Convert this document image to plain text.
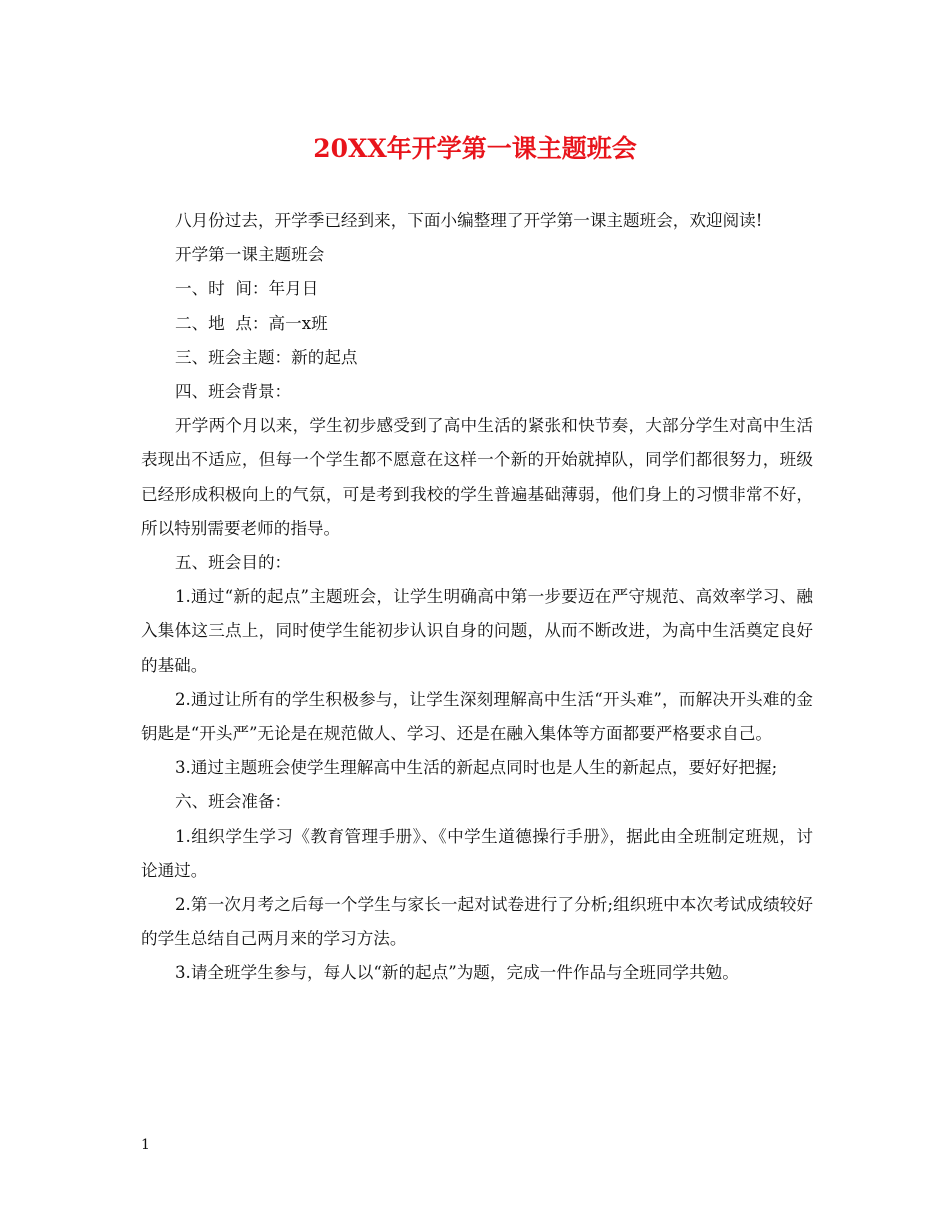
20XX年开学第一课主题班会

八月份过去，开学季已经到来，下面小编整理了开学第一课主题班会，欢迎阅读!

开学第一课主题班会

一、时  间：年月日

二、地  点：高一x班

三、班会主题：新的起点

四、班会背景：

开学两个月以来，学生初步感受到了高中生活的紧张和快节奏，大部分学生对高中生活表现出不适应，但每一个学生都不愿意在这样一个新的开始就掉队，同学们都很努力，班级已经形成积极向上的气氛，可是考到我校的学生普遍基础薄弱，他们身上的习惯非常不好，所以特别需要老师的指导。

五、班会目的：

1.通过“新的起点”主题班会，让学生明确高中第一步要迈在严守规范、高效率学习、融入集体这三点上，同时使学生能初步认识自身的问题，从而不断改进，为高中生活奠定良好的基础。

2.通过让所有的学生积极参与，让学生深刻理解高中生活“开头难”，而解决开头难的金钥匙是“开头严”无论是在规范做人、学习、还是在融入集体等方面都要严格要求自己。

3.通过主题班会使学生理解高中生活的新起点同时也是人生的新起点，要好好把握;

六、班会准备：

1.组织学生学习《教育管理手册》、《中学生道德操行手册》，据此由全班制定班规，讨论通过。

2.第一次月考之后每一个学生与家长一起对试卷进行了分析;组织班中本次考试成绩较好的学生总结自己两月来的学习方法。

3.请全班学生参与，每人以“新的起点”为题，完成一件作品与全班同学共勉。

1
